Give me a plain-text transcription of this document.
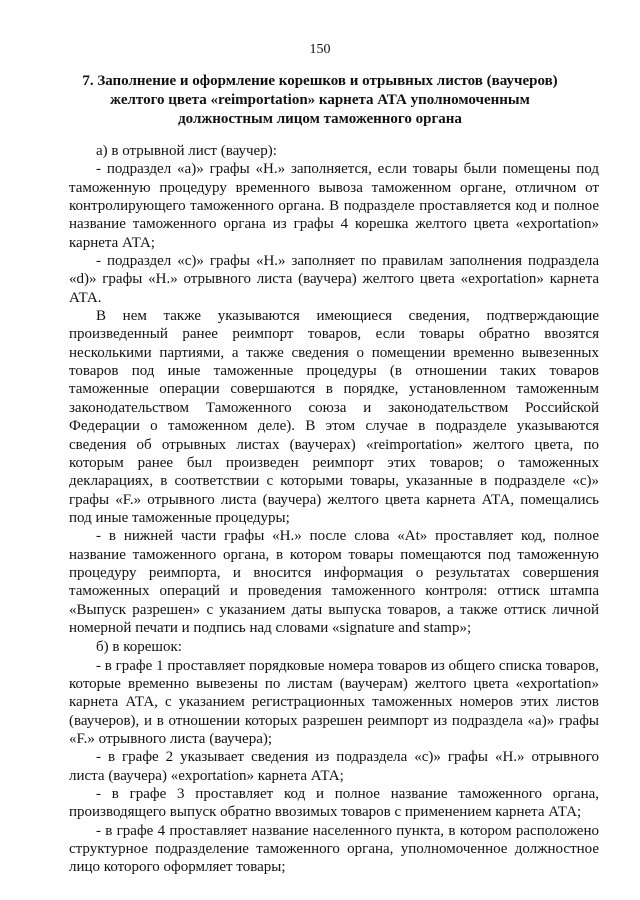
150
7. Заполнение и оформление корешков и отрывных листов (ваучеров) желтого цвета «reimportation» карнета АТА уполномоченным должностным лицом таможенного органа

а) в отрывной лист (ваучер):

- подраздел «а)» графы «H.» заполняется, если товары были помещены под таможенную процедуру временного вывоза таможенном органе, отличном от контролирующего таможенного органа. В подразделе проставляется код и полное название таможенного органа из графы 4 корешка желтого цвета «exportation» карнета АТА;

- подраздел «с)» графы «H.» заполняет по правилам заполнения подраздела «d)» графы «H.» отрывного листа (ваучера) желтого цвета «exportation» карнета АТА.

В нем также указываются имеющиеся сведения, подтверждающие произведенный ранее реимпорт товаров, если товары обратно ввозятся несколькими партиями, а также сведения о помещении временно вывезенных товаров под иные таможенные процедуры (в отношении таких товаров таможенные операции совершаются в порядке, установленном таможенным законодательством Таможенного союза и законодательством Российской Федерации о таможенном деле). В этом случае в подразделе указываются сведения об отрывных листах (ваучерах) «reimportation» желтого цвета, по которым ранее был произведен реимпорт этих товаров; о таможенных декларациях, в соответствии с которыми товары, указанные в подразделе «с)» графы «F.» отрывного листа (ваучера) желтого цвета карнета АТА, помещались под иные таможенные процедуры;

- в нижней части графы «H.» после слова «At» проставляет код, полное название таможенного органа, в котором товары помещаются под таможенную процедуру реимпорта, и вносится информация о результатах совершения таможенных операций и проведения таможенного контроля: оттиск штампа «Выпуск разрешен» с указанием даты выпуска товаров, а также оттиск личной номерной печати и подпись над словами «signature and stamp»;

б) в корешок:

- в графе 1 проставляет порядковые номера товаров из общего списка товаров, которые временно вывезены по листам (ваучерам) желтого цвета «exportation» карнета АТА, с указанием регистрационных таможенных номеров этих листов (ваучеров), и в отношении которых разрешен реимпорт из подраздела «а)» графы «F.» отрывного листа (ваучера);

- в графе 2 указывает сведения из подраздела «с)» графы «H.» отрывного листа (ваучера) «exportation» карнета АТА;

- в графе 3 проставляет код и полное название таможенного органа, производящего выпуск обратно ввозимых товаров с применением карнета АТА;

- в графе 4 проставляет название населенного пункта, в котором расположено структурное подразделение таможенного органа, уполномоченное должностное лицо которого оформляет товары;
